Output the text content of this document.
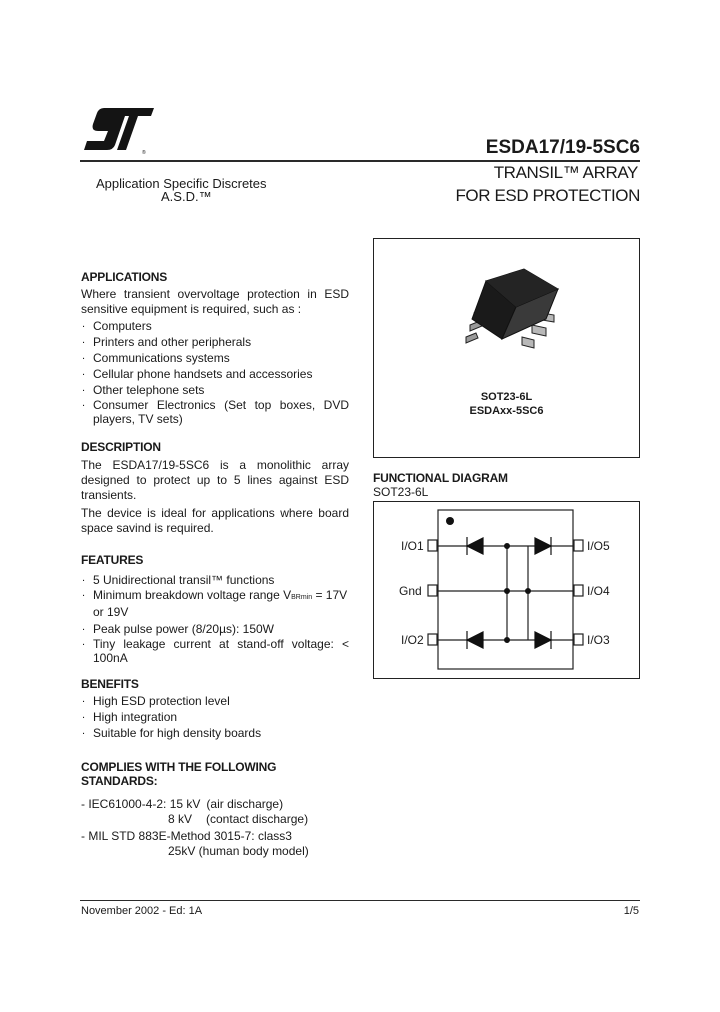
®	ESDA17/19-5SC6
TRANSIL™ ARRAY
FOR ESD PROTECTION
Application Specific Discretes
A.S.D.™
SOT23-6L
ESDAxx-5SC6
FUNCTIONAL DIAGRAM
SOT23-6L
I/O1
Gnd
I/O2
I/O5
I/O4
I/O3
APPLICATIONS
Where transient overvoltage protection in ESD
sensitive equipment is required, such as :
. Computers
. Printers and other peripherals
. Communications systems
. Cellular phone handsets and accessories
. Other telephone sets
. Consumer Electronics (Set top boxes, DVD
players, TV sets)
DESCRIPTION
The ESDA17/19-5SC6 is a monolithic array
designed to protect up to 5 lines against ESD
transients.
The device is ideal for applications where board
space savind is required.
FEATURES
. 5 Unidirectional transil™ functions
. Minimum breakdown voltage range VBRmin = 17V
or 19V
. Peak pulse power (8/20µs): 150W
. Tiny leakage current at stand-off voltage: <
100nA
BENEFITS
. High ESD protection level
. High integration
. Suitable for high density boards
COMPLIES WITH THE FOLLOWING STANDARDS:
- IEC61000-4-2: 15 kV (air discharge)
8 kV (contact discharge)
- MIL STD 883E-Method 3015-7: class3
25kV (human body model)
November 2002 - Ed: 1A	1/5
